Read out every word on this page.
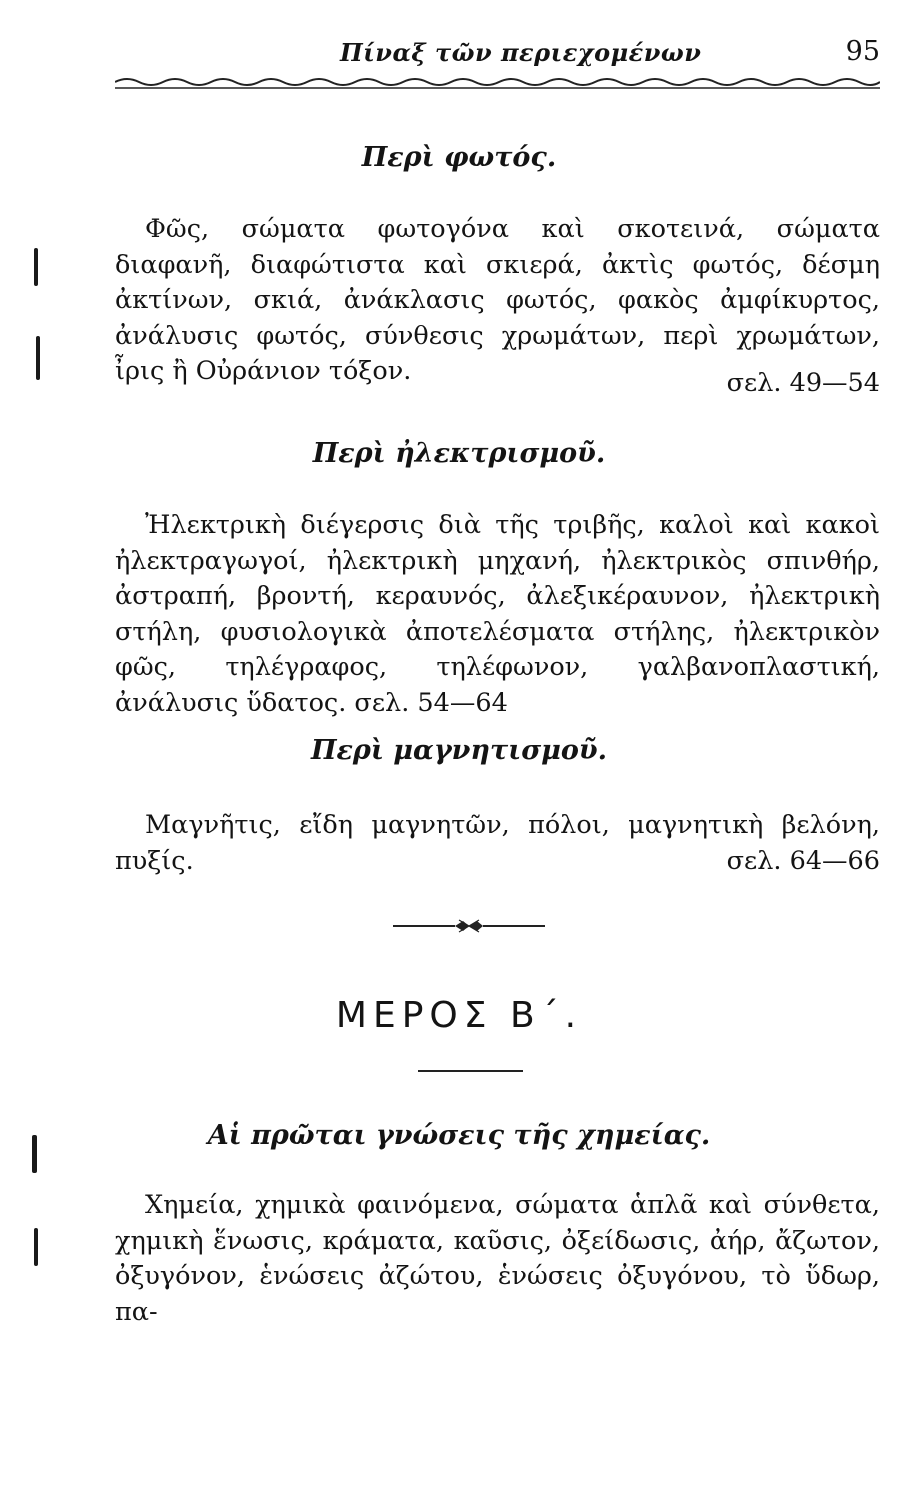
Πίναξ τῶν περιεχομένων	95
Περὶ φωτός.

Φῶς, σώματα φωτογόνα καὶ σκοτεινά, σώματα διαφανῆ, διαφώτιστα καὶ σκιερά, ἀκτὶς φωτός, δέσμη ἀκτίνων, σκιά, ἀνάκλασις φωτός, φακὸς ἀμφίκυρτος, ἀνάλυσις φωτός, σύνθεσις χρωμάτων, περὶ χρωμάτων, ἶρις ἢ Οὐράνιον τόξον.	σελ. 49—54
Περὶ ἠλεκτρισμοῦ.

Ἠλεκτρικὴ διέγερσις διὰ τῆς τριβῆς, καλοὶ καὶ κακοὶ ἠλεκτραγωγοί, ἠλεκτρικὴ μηχανή, ἠλεκτρικὸς σπινθήρ, ἀστραπή, βροντή, κεραυνός, ἀλεξικέραυνον, ἠλεκτρικὴ στήλη, φυσιολογικὰ ἀποτελέσματα στήλης, ἠλεκτρικὸν φῶς, τηλέγραφος, τηλέφωνον, γαλβανοπλαστική, ἀνάλυσις ὕδατος. σελ. 54—64

Περὶ μαγνητισμοῦ.

Μαγνῆτις, εἴδη μαγνητῶν, πόλοι, μαγνητικὴ βελόνη, πυξίς.	σελ. 64—66
ΜΕΡΟΣ Β΄.
Αἱ πρῶται γνώσεις τῆς χημείας.

Χημεία, χημικὰ φαινόμενα, σώματα ἁπλᾶ καὶ σύνθετα, χημικὴ ἕνωσις, κράματα, καῦσις, ὀξείδωσις, ἀήρ, ἄζωτον, ὀξυγόνον, ἑνώσεις ἀζώτου, ἑνώσεις ὀξυγόνου, τὸ ὕδωρ, πα-
